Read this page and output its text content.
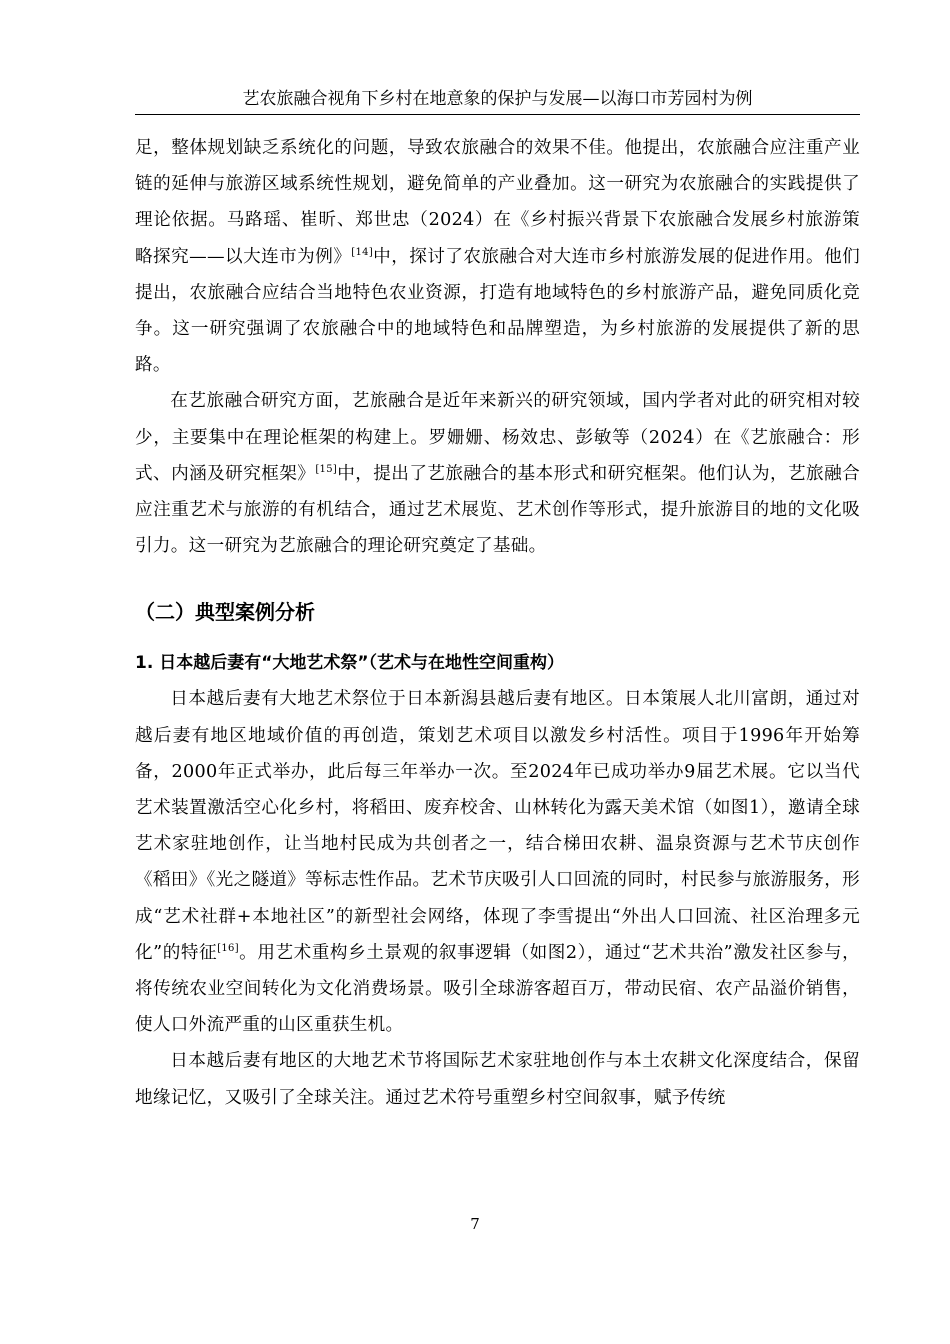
艺农旅融合视角下乡村在地意象的保护与发展—以海口市芳园村为例

足，整体规划缺乏系统化的问题，导致农旅融合的效果不佳。他提出，农旅融合应注重产业链的延伸与旅游区域系统性规划，避免简单的产业叠加。这一研究为农旅融合的实践提供了理论依据。马路瑶、崔昕、郑世忠（2024）在《乡村振兴背景下农旅融合发展乡村旅游策略探究——以大连市为例》[14]中，探讨了农旅融合对大连市乡村旅游发展的促进作用。他们提出，农旅融合应结合当地特色农业资源，打造有地域特色的乡村旅游产品，避免同质化竞争。这一研究强调了农旅融合中的地域特色和品牌塑造，为乡村旅游的发展提供了新的思路。

在艺旅融合研究方面，艺旅融合是近年来新兴的研究领域，国内学者对此的研究相对较少，主要集中在理论框架的构建上。罗姗姗、杨效忠、彭敏等（2024）在《艺旅融合：形式、内涵及研究框架》[15]中，提出了艺旅融合的基本形式和研究框架。他们认为，艺旅融合应注重艺术与旅游的有机结合，通过艺术展览、艺术创作等形式，提升旅游目的地的文化吸引力。这一研究为艺旅融合的理论研究奠定了基础。

（二）典型案例分析
1. 日本越后妻有“大地艺术祭”（艺术与在地性空间重构）

日本越后妻有大地艺术祭位于日本新潟县越后妻有地区。日本策展人北川富朗，通过对越后妻有地区地域价值的再创造，策划艺术项目以激发乡村活性。项目于1996年开始筹备，2000年正式举办，此后每三年举办一次。至2024年已成功举办9届艺术展。它以当代艺术装置激活空心化乡村，将稻田、废弃校舍、山林转化为露天美术馆（如图1），邀请全球艺术家驻地创作，让当地村民成为共创者之一，结合梯田农耕、温泉资源与艺术节庆创作《稻田》《光之隧道》等标志性作品。艺术节庆吸引人口回流的同时，村民参与旅游服务，形成“艺术社群+本地社区”的新型社会网络，体现了李雪提出“外出人口回流、社区治理多元化”的特征[16]。用艺术重构乡土景观的叙事逻辑（如图2），通过“艺术共治”激发社区参与，将传统农业空间转化为文化消费场景。吸引全球游客超百万，带动民宿、农产品溢价销售，使人口外流严重的山区重获生机。

日本越后妻有地区的大地艺术节将国际艺术家驻地创作与本土农耕文化深度结合，保留地缘记忆，又吸引了全球关注。通过艺术符号重塑乡村空间叙事，赋予传统

7
